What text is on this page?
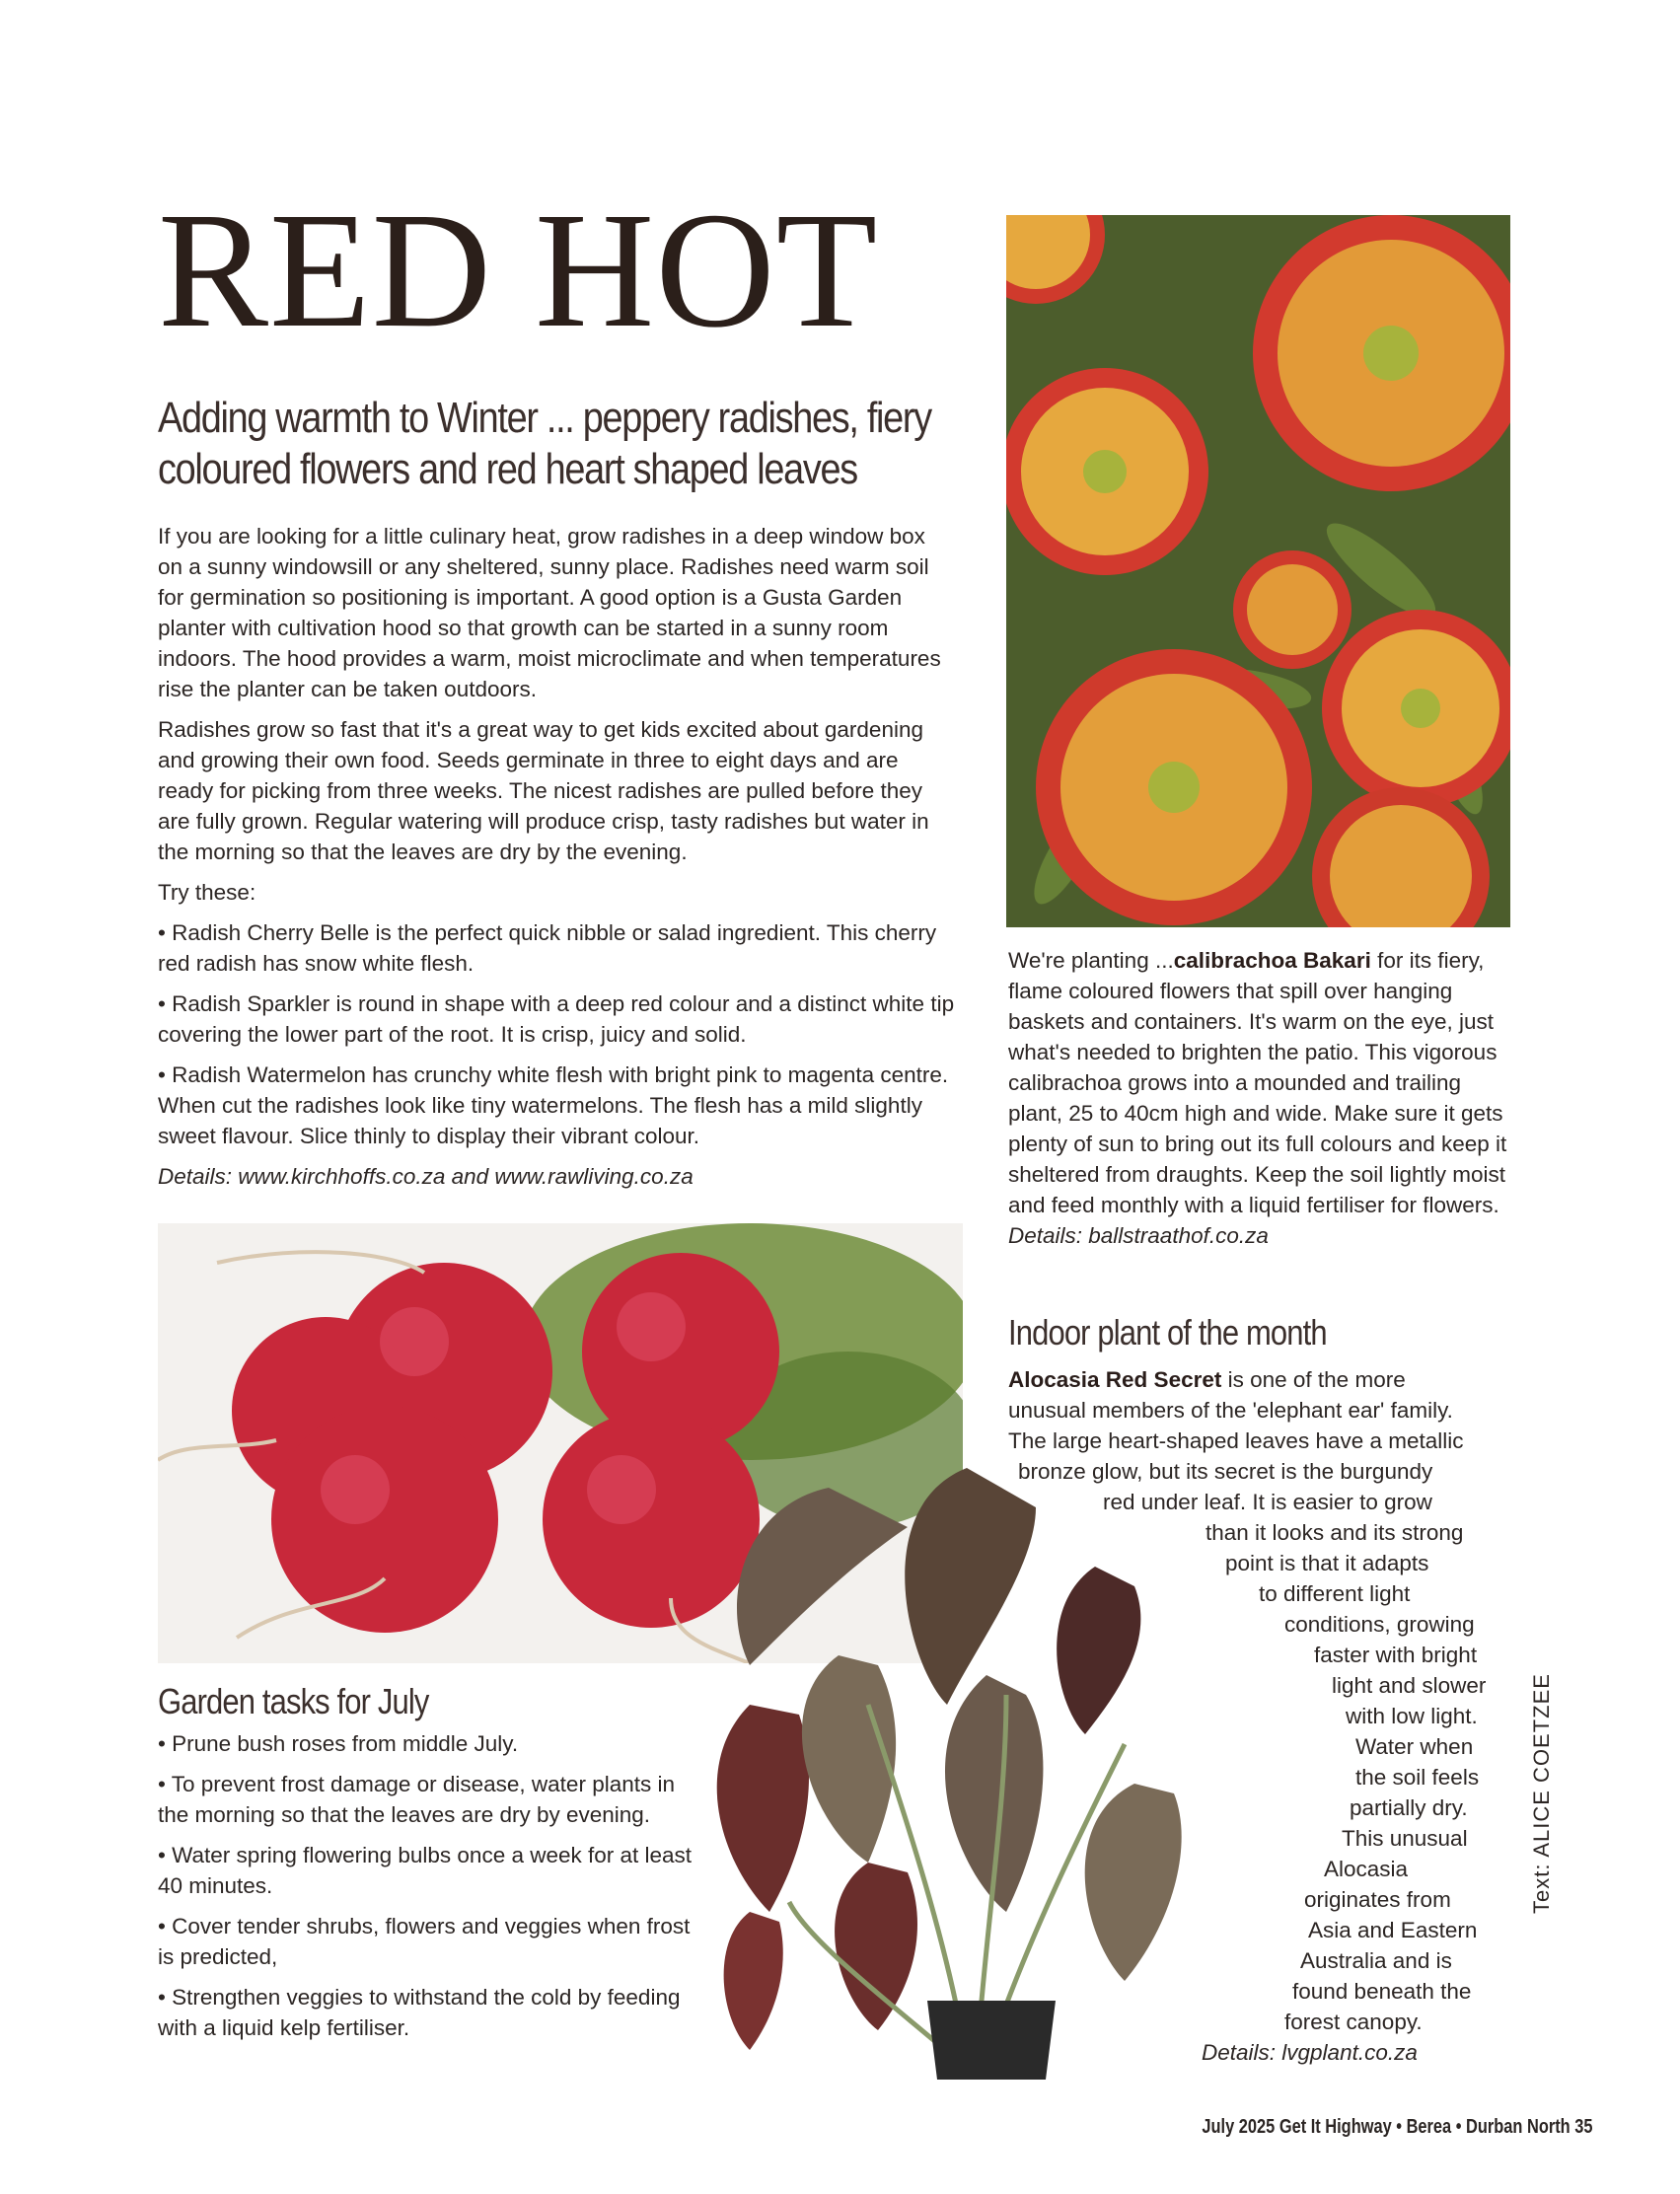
RED HOT
Adding warmth to Winter ... peppery radishes, fiery coloured flowers and red heart shaped leaves

If you are looking for a little culinary heat, grow radishes in a deep window box on a sunny windowsill or any sheltered, sunny place. Radishes need warm soil for germination so positioning is important. A good option is a Gusta Garden planter with cultivation hood so that growth can be started in a sunny room indoors. The hood provides a warm, moist microclimate and when temperatures rise the planter can be taken outdoors.

Radishes grow so fast that it's a great way to get kids excited about gardening and growing their own food. Seeds germinate in three to eight days and are ready for picking from three weeks. The nicest radishes are pulled before they are fully grown. Regular watering will produce crisp, tasty radishes but water in the morning so that the leaves are dry by the evening.

Try these:

• Radish Cherry Belle is the perfect quick nibble or salad ingredient. This cherry red radish has snow white flesh.

• Radish Sparkler is round in shape with a deep red colour and a distinct white tip covering the lower part of the root. It is crisp, juicy and solid.

• Radish Watermelon has crunchy white flesh with bright pink to magenta centre. When cut the radishes look like tiny watermelons. The flesh has a mild slightly sweet flavour. Slice thinly to display their vibrant colour.

Details: www.kirchhoffs.co.za and www.rawliving.co.za

We're planting ...calibrachoa Bakari for its fiery, flame coloured flowers that spill over hanging baskets and containers. It's warm on the eye, just what's needed to brighten the patio. This vigorous calibrachoa grows into a mounded and trailing plant, 25 to 40cm high and wide. Make sure it gets plenty of sun to bring out its full colours and keep it sheltered from draughts. Keep the soil lightly moist and feed monthly with a liquid fertiliser for flowers. Details: ballstraathof.co.za
Garden tasks for July

• Prune bush roses from middle July.

• To prevent frost damage or disease, water plants in the morning so that the leaves are dry by evening.

• Water spring flowering bulbs once a week for at least 40 minutes.

• Cover tender shrubs, flowers and veggies when frost is predicted,

• Strengthen veggies to withstand the cold by feeding with a liquid kelp fertiliser.

Indoor plant of the month
Alocasia Red Secret is one of the more
unusual members of the 'elephant ear' family.
The large heart-shaped leaves have a metallic
bronze glow, but its secret is the burgundy
red under leaf. It is easier to grow
than it looks and its strong
point is that it adapts
to different light
conditions, growing
faster with bright
light and slower
with low light.
Water when
the soil feels
partially dry.
This unusual
Alocasia
originates from
Asia and Eastern
Australia and is
found beneath the
forest canopy.
Details: lvgplant.co.za
Text: ALICE COETZEE
July 2025 Get It Highway • Berea • Durban North 35
